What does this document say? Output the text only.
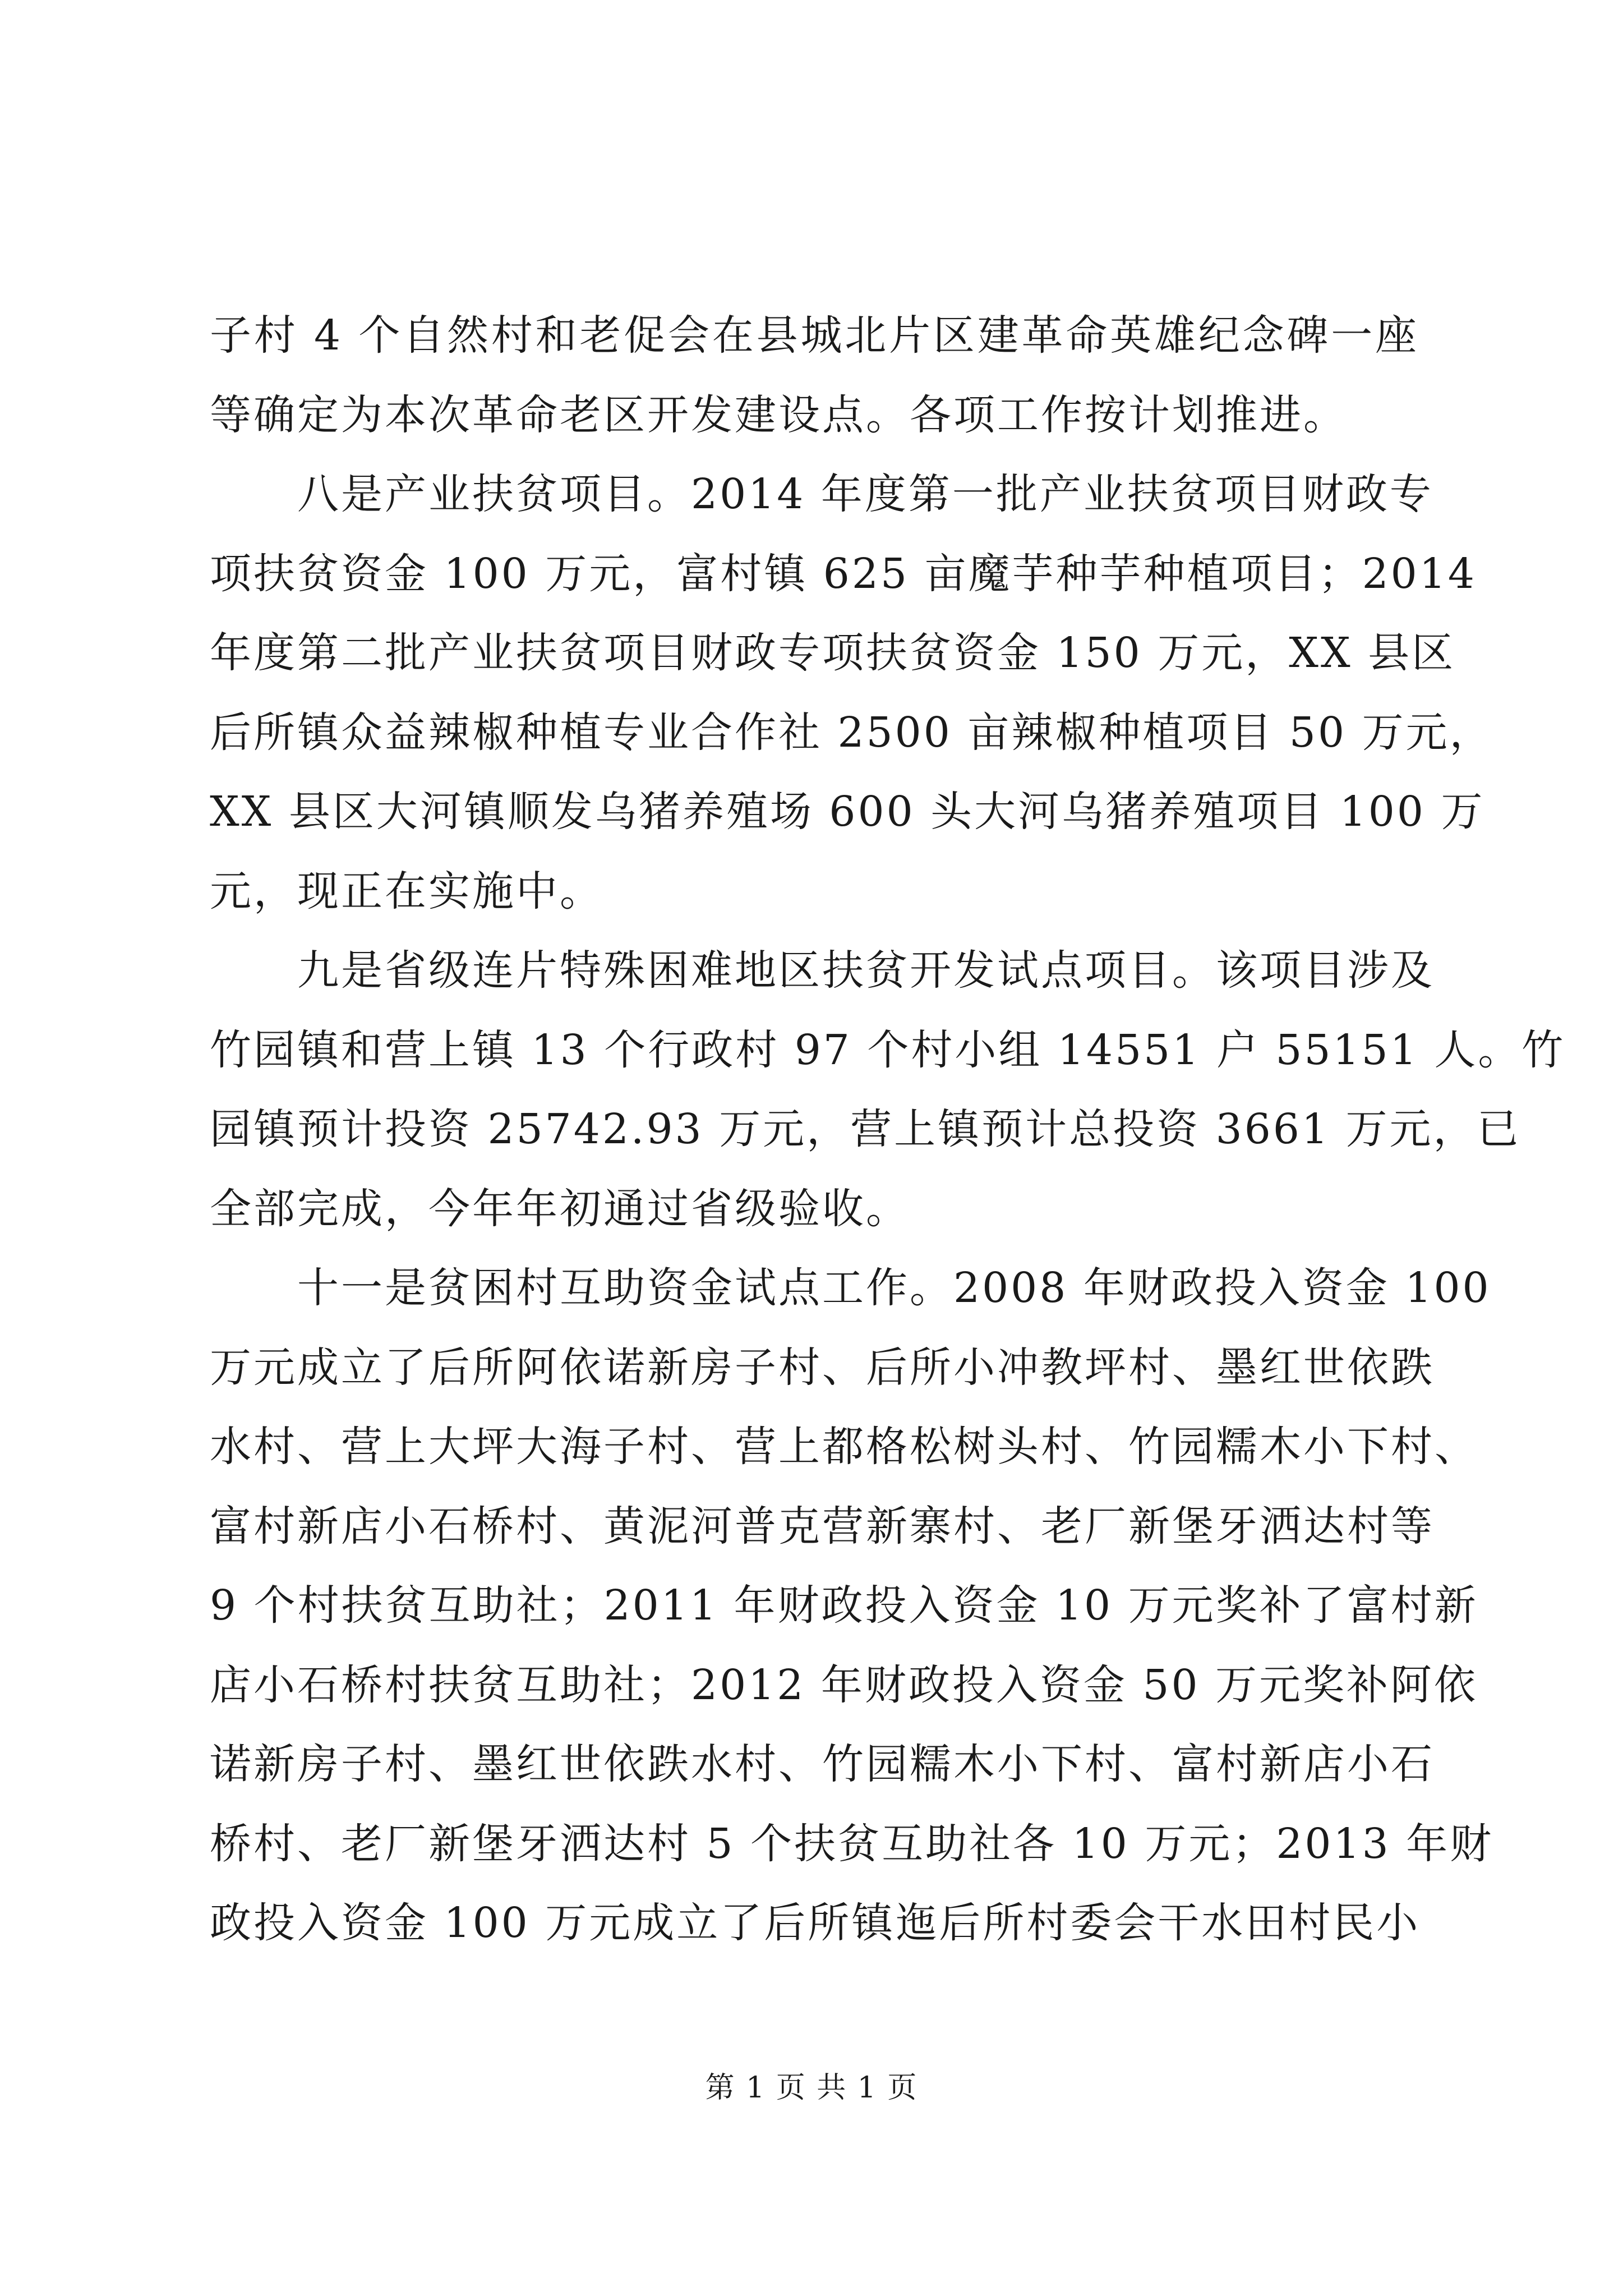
子村 4 个自然村和老促会在县城北片区建革命英雄纪念碑一座
等确定为本次革命老区开发建设点。各项工作按计划推进。
八是产业扶贫项目。2014 年度第一批产业扶贫项目财政专
项扶贫资金 100 万元，富村镇 625 亩魔芋种芋种植项目；2014
年度第二批产业扶贫项目财政专项扶贫资金 150 万元，XX 县区
后所镇众益辣椒种植专业合作社 2500 亩辣椒种植项目 50 万元，
XX 县区大河镇顺发乌猪养殖场 600 头大河乌猪养殖项目 100 万
元，现正在实施中。
九是省级连片特殊困难地区扶贫开发试点项目。该项目涉及
竹园镇和营上镇 13 个行政村 97 个村小组 14551 户 55151 人。竹
园镇预计投资 25742.93 万元，营上镇预计总投资 3661 万元，已
全部完成，今年年初通过省级验收。
十一是贫困村互助资金试点工作。2008 年财政投入资金 100
万元成立了后所阿依诺新房子村、后所小冲教坪村、墨红世依跌
水村、营上大坪大海子村、营上都格松树头村、竹园糯木小下村、
富村新店小石桥村、黄泥河普克营新寨村、老厂新堡牙洒达村等
9 个村扶贫互助社；2011 年财政投入资金 10 万元奖补了富村新
店小石桥村扶贫互助社；2012 年财政投入资金 50 万元奖补阿依
诺新房子村、墨红世依跌水村、竹园糯木小下村、富村新店小石
桥村、老厂新堡牙洒达村 5 个扶贫互助社各 10 万元；2013 年财
政投入资金 100 万元成立了后所镇迤后所村委会干水田村民小
第 1 页 共 1 页
